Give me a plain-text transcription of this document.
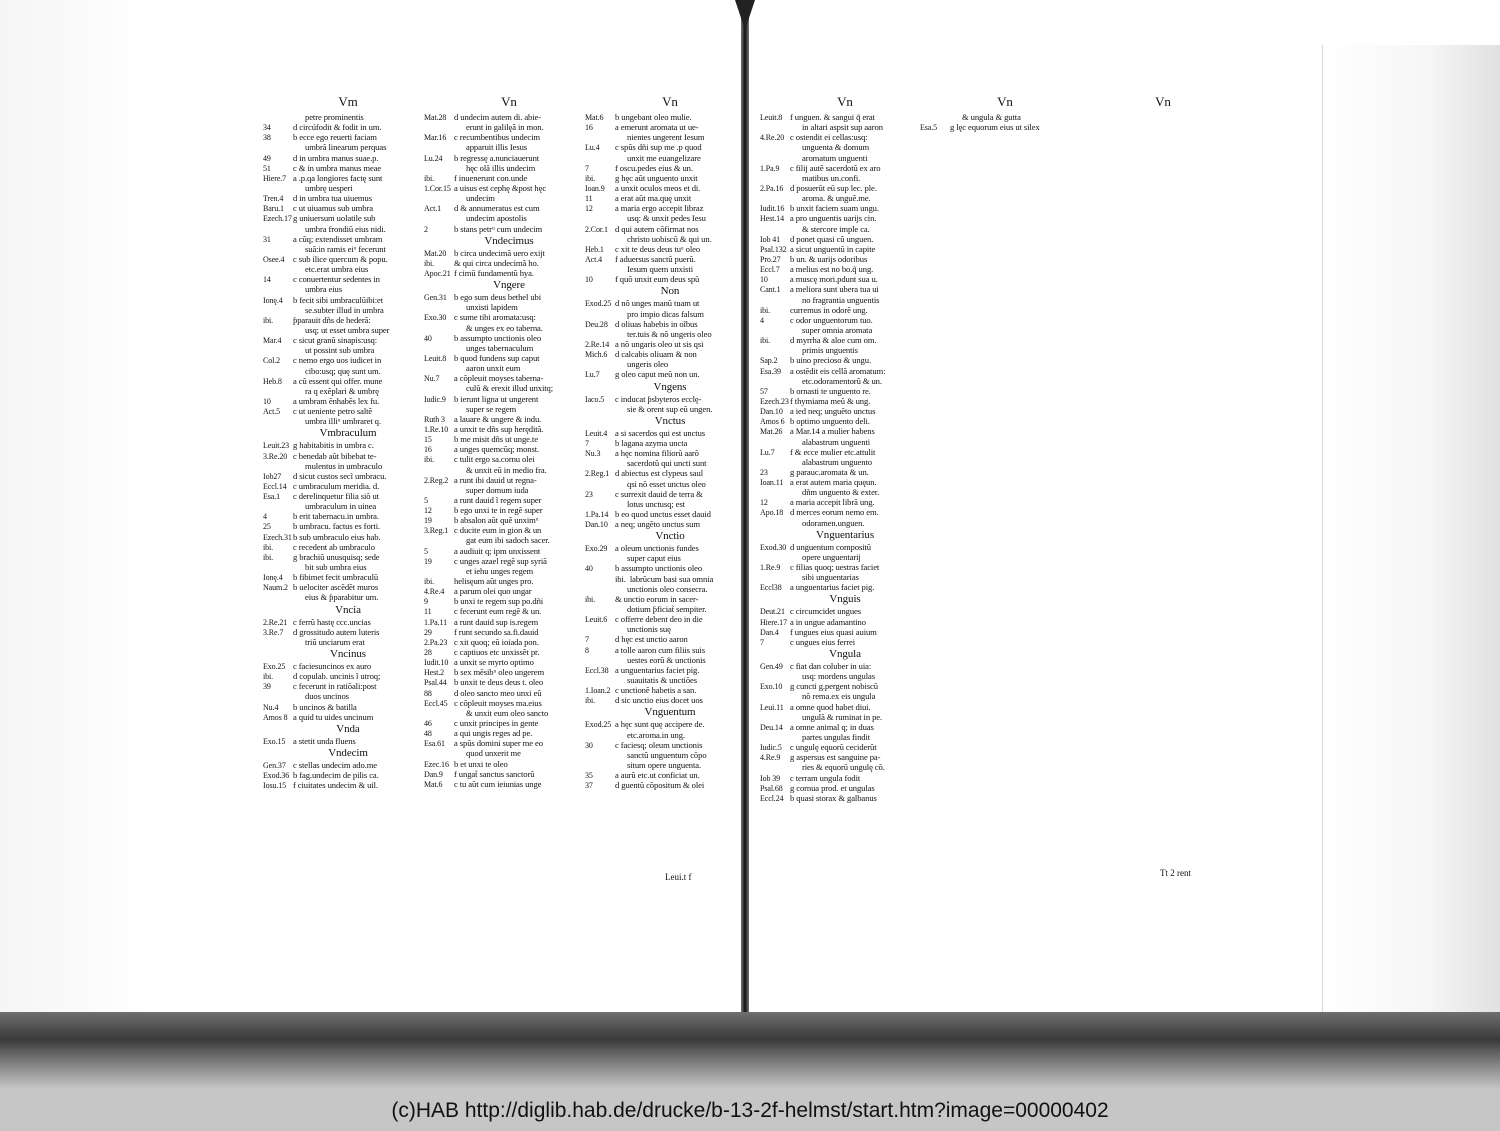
Vm
petre prominentis
34	d circúfodit & fodit in um.
38	b ecce ego reuerti faciam
umbrã linearum perquas
49	d in umbra manus suae.p.
51	c & in umbra manus meae
Hiere.7 a .p.qa longiores factę sunt
umbrę uesperi
Tren.4 d in umbra tua uiuemus
Baru.1 c ut uiuamus sub umbra
Ezech.17g uniuersum uolatile sub
umbra frondiũ eius nidi.
31	a cũq; extendisset umbram
suã:in ramis eiᵘ fecerunt
Osee.4 c sub ilice quercum & popu.
etc.erat umbra eius
14	c conuertentur sedentes in
umbra eius
Ionę.4 b fecit sibi umbraculũibi:et
se.subter illud in umbra
ibi. ƥparauit dñs de hederã:
usq; ut esset umbra super
Mar.4 c sicut granũ sinapis:usq:
ut possint sub umbra
Col.2 c nemo ergo uos iudicet in
cibo:usq; quę sunt um.
Heb.8 a cũ essent qui offer. mune
ra q exẽplari & umbrę
10	a umbram ẽnhabẽs lex fu.
Act.5 c ut ueniente petro saltẽ
umbra illiᵘ umbraret q.
Vmbraculum
Leuit.23 g habitabitis in umbra c.
3.Re.20 c benedab aũt bibebat te-
mulentus in umbraculo
Iob27 d sicut custos secĩ umbracu.
Eccl.14 c umbraculum meridia. d.
Esa.1 c derelinquetur filia siõ ut
umbraculum in uinea
4	b erit tabernacu.in umbra.
25	b umbracu. factus es forti.
Ezech.31b sub umbraculo eius hab.
ibi. c recedent ab umbraculo
ibi. g brachiũ unusquisq; sede
bit sub umbra eius
Ionę.4 b fibimet fecit umbraculũ
Naum.2 b uelociter ascẽdẽt muros
eius & ƥparabitur um.
Vncia
2.Re.21 c ferrũ hastę ccc.uncias
3.Re.7 d grossitudo autem luteris
triũ unciarum erat
Vncinus
Exo.25 c faciesuncinos ex auro
ibi. d copulab. uncinis ĩ utroq;
39	c fecerunt in ratiõali:post
duos uncinos
Nu.4 b uncinos & batilla
Amos 8 a quid tu uides uncinum
Vnda
Exo.15 a stetit unda fluens
Vndecim
Gen.37 c stellas undecim ado.me
Exod.36 b fag.undecim de pilis ca.
Iosu.15 f ciuitates undecim & uil.
Vn
Mat.28 d undecim autem di. abie-
erunt in galilęã in mon.
Mar.16 c recumbentibus undecim
apparuit illis Iesus
Lu.24 b regressę a.nunciauerunt
hęc olã illis undecim
ibi. f inuenerunt con.unde
1.Cor.15 a uisus est cephę &post hęc
undecim
Act.1 d & annumeratus est cum
undecim apostolis
2	b stans petrᵘ cum undecim
Vndecimus
Mat.20 b circa undecimã uero exijt
ibi. & qui circa undecimã ho.
Apoc.21 f cimũ fundamentũ hya.
Vngere
Gen.31 b ego sum deus bethel ubi
unxisti lapidem
Exo.30 c sume tibi aromata:usq:
& unges ex eo taberna.
40	b assumpto unctionis oleo
unges tabernaculum
Leuit.8 b quod fundens sup caput
aaron unxit eum
Nu.7 a cõpleuit moyses taberna-
culũ & erexit illud unxitq;
Iudic.9 b ierunt ligna ut ungerent
super se regem
Ruth 3 a lauare & ungere & indu.
1.Re.10 a unxit te dñs sup heręditã.
15	b me misit dñs ut unge.te
16	a unges quemcũq; monst.
ibi. c tulit ergo sa.cornu olei
& unxit eũ in medio fra.
2.Reg.2 a runt ibi dauid ut regna-
super domum iuda
5	a runt dauid ĩ regem super
12	b ego unxi te in regẽ super
19	b absalon aũt quẽ unximᵘ
3.Reg.1 c ducite eum in gion & un
gat eum ibi sadoch sacer.
5	a audiuit q; ipm unxissent
19	c unges azael regẽ sup syriã
et iehu unges regem
ibi. helisęum aũt unges pro.
4.Re.4 a parum olei quo ungar
9	b unxi te regem sup po.dñi
11	c fecerunt eum regẽ & un.
1.Pa.11 a runt dauid sup is.regem
29	f runt secundo sa.fi.dauid
2.Pa.23 c xit quoq; eũ ioiada pon.
28	c captiuos etc unxissẽt pr.
Iudit.10 a unxit se myrto optimo
Hest.2 b sex mẽsibᵘ oleo ungerem
Psal.44 b unxit te deus deus t. oleo
88	d oleo sancto meo unxi eũ
Eccl.45 c cõpleuit moyses ma.eius
& unxit eum oleo sancto
46	c unxit principes in gente
48	a qui ungis reges ad pe.
Esa.61 a spũs domini super me eo
quod unxerit me
Ezec.16 b et unxi te oleo
Dan.9 f ungat̃ sanctus sanctorũ
Mat.6 c tu aũt cum ieiunias unge
Vn
Mat.6 b ungebant oleo mulie.
16	a emerunt aromata ut ue-
nientes ungerent Iesum
Lu.4 c spũs dñi sup me .p quod
unxit me euangelizare
7	f oscu.pedes eius & un.
ibi. g hęc aũt unguento unxit
Ioan.9 a unxit oculos meos et di.
11	a erat aũt ma.quę unxit
12	a maria ergo accepit libraz
usq: & unxit pedes Iesu
2.Cor.1 d qui autem cõfirmat nos
christo uobiscũ & qui un.
Heb.1 c xit te deus deus tuᵘ oleo
Act.4 f aduersus sanctũ puerũ.
Iesum quem unxisti
10	f quõ unxit eum deus spũ
Non
Exod.25 d nõ unges manũ tuam ut
pro impio dicas falsum
Deu.28 d oliuas habebis in oĩbus
ter.tuis & nõ ungeris oleo
2.Re.14 a nõ ungaris oleo ut sis qsi
Mich.6 d calcabis oliuam & non
ungeris oleo
Lu.7 g oleo caput meũ non un.
Vngens
Iaco.5 c inducat ƥsbyteros ecclę-
sie & orent sup eũ ungen.
Vnctus
Leuit.4 a si sacerdos qui est unctus
7	b lagana azyma uncta
Nu.3 a hęc nomina filiorũ aarõ
sacerdotũ qui uncti sunt
2.Reg.1 d abiectus est clypeus saul
qsi nõ esset unctus oleo
23	c surrexit dauid de terra &
lotus unctusq; est
1.Pa.14 b eo quod unctus esset dauid
Dan.10 a neq; ungẽto unctus sum
Vnctio
Exo.29 a oleum unctionis fundes
super caput eius
40	b assumpto unctionis oleo
ibi. labrũcum basi sua omnia
unctionis oleo consecra.
ibi. & unctio eorum in sacer-
dotium ƥficiat̃ sempiter.
Leuit.6 c offerre debent deo in die
unctionis suę
7	d hęc est unctio aaron
8	a tolle aaron cum filiis suis
uestes eorũ & unctionis
Eccl.38 a unguentarius faciet pig.
suauitatis & unctiões
1.Ioan.2 c unctionẽ habetis a san.
ibi. d sic unctio eius docet uos
Vnguentum
Exod.25 a hęc sunt quę accipere de.
etc.aroma.in ung.
30	c faciesq; oleum unctionis
sanctũ unguentum cõpo
situm opere unguenta.
35	a aurũ etc.ut conficiat un.
37	d guentũ cõpositum & olei
Vn
Leuit.8 f unguen. & sangui q̃ erat
in altari aspsit sup aaron
4.Re.20 c ostendit ei cellas:usq:
unguenta & domum
aromatum unguenti
1.Pa.9 c filij autẽ sacerdotũ ex aro
matibus un.confi.
2.Pa.16 d posuerũt eũ sup lec. ple.
aroma. & unguẽ.me.
Iudit.16 b unxit faciem suam ungu.
Hest.14 a pro unguentis uarijs cin.
& stercore imple ca.
Iob 41 d ponet quasi cũ unguen.
Psal.132 a sicut unguentũ in capite
Pro.27 b un. & uarijs odoribus
Eccl.7 a melius est no bo.q̃ ung.
10	a muscę mori.pdunt sua u.
Cant.1 a meliora sunt ubera tua ui
no fragrantia unguentis
ibi. curremus in odorẽ ung.
4	c odor unguentorum tuo.
super omnia aromata
ibi. d myrrha & aloe cum om.
primis unguentis
Sap.2 b uino precioso & ungu.
Esa.39 a ostẽdit eis cellã aromatum:
etc.odoramentorũ & un.
57	b ornasti te unguento re.
Ezech.23f thymiama meũ & ung.
Dan.10 a ied neq; unguẽto unctus
Amos 6 b optimo unguento deli.
Mat.26 a Mar.14 a mulier habens
alabastrum unguenti
Lu.7 f & ecce mulier etc.attulit
alabastrum unguento
23	g parauc.aromata & un.
Ioan.11 a erat autem maria quęun.
dñm unguento & exter.
12	a maria accepit librã ung.
Apo.18 d merces eorum nemo em.
odoramen.unguen.
Vnguentarius
Exod.30 d unguentum compositũ
opere unguentarij
1.Re.9 c filias quoq; uestras faciet
sibi unguentarias
Eccl38 a unguentarius faciet pig.
Vnguis
Deut.21 c circumcidet ungues
Hiere.17 a in ungue adamantino
Dan.4 f ungues eius quasi auium
7	c ungues eius ferrei
Vngula
Gen.49 c fiat dan coluber in uia:
usq: mordens ungulas
Exo.10 g cuncti g.pergent nobiscũ
nõ rema.ex eis ungula
Leui.11 a omne quod habet diui.
ungulã & ruminat in pe.
Deu.14 a omne animal q; in duas
partes ungulas findit
Iudic.5 c ungulę equorũ ceciderũt
4.Re.9 g aspersus est sanguine pa-
ries & equorũ ungulę cõ.
Iob 39 c terram ungula fodit
Psal.68 g cornua prod. et ungulas
Eccl.24 b quasi storax & galbanus
Vn
& ungula & gutta
Esa.5 g lęc equorum eius ut silex
Vn
Leui.t f	Tt 2 rent
(c)HAB http://diglib.hab.de/drucke/b-13-2f-helmst/start.htm?image=00000402
